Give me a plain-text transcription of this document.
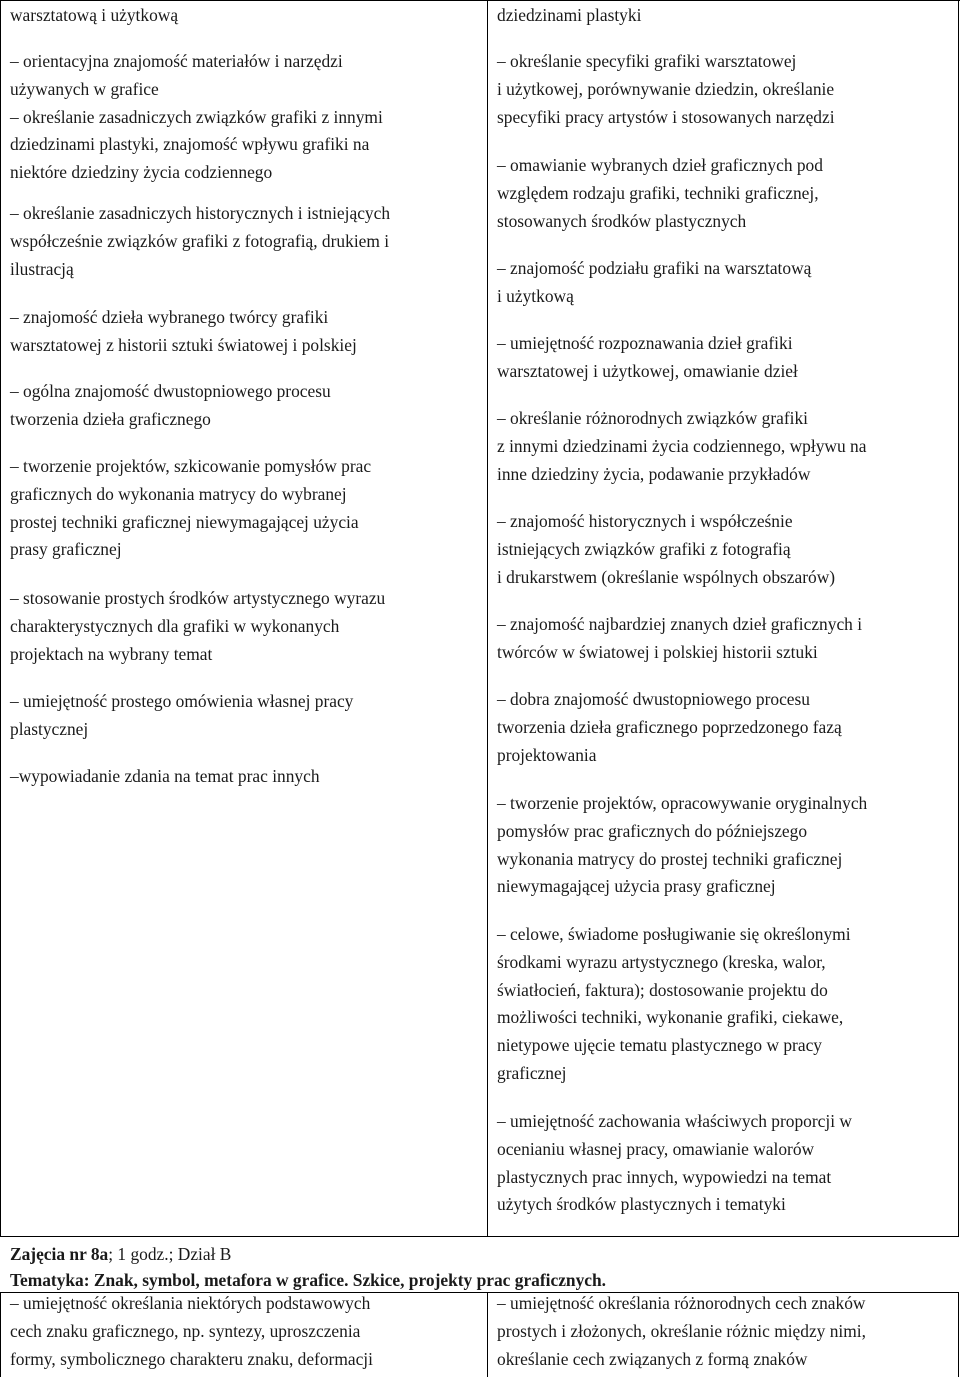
warsztatową i użytkową
– orientacyjna znajomość materiałów i narzędzi
używanych w grafice
– określanie zasadniczych związków grafiki z innymi
dziedzinami plastyki, znajomość wpływu grafiki na
niektóre dziedziny życia codziennego
– określanie zasadniczych historycznych i istniejących
współcześnie związków grafiki z fotografią, drukiem i
ilustracją
– znajomość dzieła wybranego twórcy grafiki
warsztatowej z historii sztuki światowej i polskiej
– ogólna znajomość dwustopniowego procesu
tworzenia dzieła graficznego
– tworzenie projektów, szkicowanie pomysłów prac
graficznych do wykonania matrycy do wybranej
prostej techniki graficznej niewymagającej użycia
prasy graficznej
– stosowanie prostych środków artystycznego wyrazu
charakterystycznych dla grafiki w wykonanych
projektach na wybrany temat
– umiejętność prostego omówienia własnej pracy
plastycznej
–wypowiadanie zdania na temat prac innych
dziedzinami plastyki
– określanie specyfiki grafiki warsztatowej
i użytkowej, porównywanie dziedzin, określanie
specyfiki pracy artystów i stosowanych narzędzi
– omawianie wybranych dzieł graficznych pod
względem rodzaju grafiki, techniki graficznej,
stosowanych środków plastycznych
– znajomość podziału grafiki na warsztatową
i użytkową
– umiejętność rozpoznawania dzieł grafiki
warsztatowej i użytkowej, omawianie dzieł
– określanie różnorodnych związków grafiki
z innymi dziedzinami życia codziennego, wpływu na
inne dziedziny życia, podawanie przykładów
– znajomość historycznych i współcześnie
istniejących związków grafiki z fotografią
i drukarstwem (określanie wspólnych obszarów)
– znajomość najbardziej znanych dzieł graficznych i
twórców w światowej i polskiej historii sztuki
– dobra znajomość dwustopniowego procesu
tworzenia dzieła graficznego poprzedzonego fazą
projektowania
– tworzenie projektów, opracowywanie oryginalnych
pomysłów prac graficznych do późniejszego
wykonania matrycy do prostej techniki graficznej
niewymagającej użycia prasy graficznej
– celowe, świadome posługiwanie się określonymi
środkami wyrazu artystycznego (kreska, walor,
światłocień, faktura); dostosowanie projektu do
możliwości techniki, wykonanie grafiki, ciekawe,
nietypowe ujęcie tematu plastycznego w pracy
graficznej
– umiejętność zachowania właściwych proporcji w
ocenianiu własnej pracy, omawianie walorów
plastycznych prac innych, wypowiedzi na temat
użytych środków plastycznych i tematyki
Zajęcia nr 8a; 1 godz.; Dział B
Tematyka: Znak, symbol, metafora w grafice. Szkice, projekty prac graficznych.
– umiejętność określania niektórych podstawowych
cech znaku graficznego, np. syntezy, uproszczenia
formy, symbolicznego charakteru znaku, deformacji
– umiejętność określania różnorodnych cech znaków
prostych i złożonych, określanie różnic między nimi,
określanie cech związanych z formą znaków
